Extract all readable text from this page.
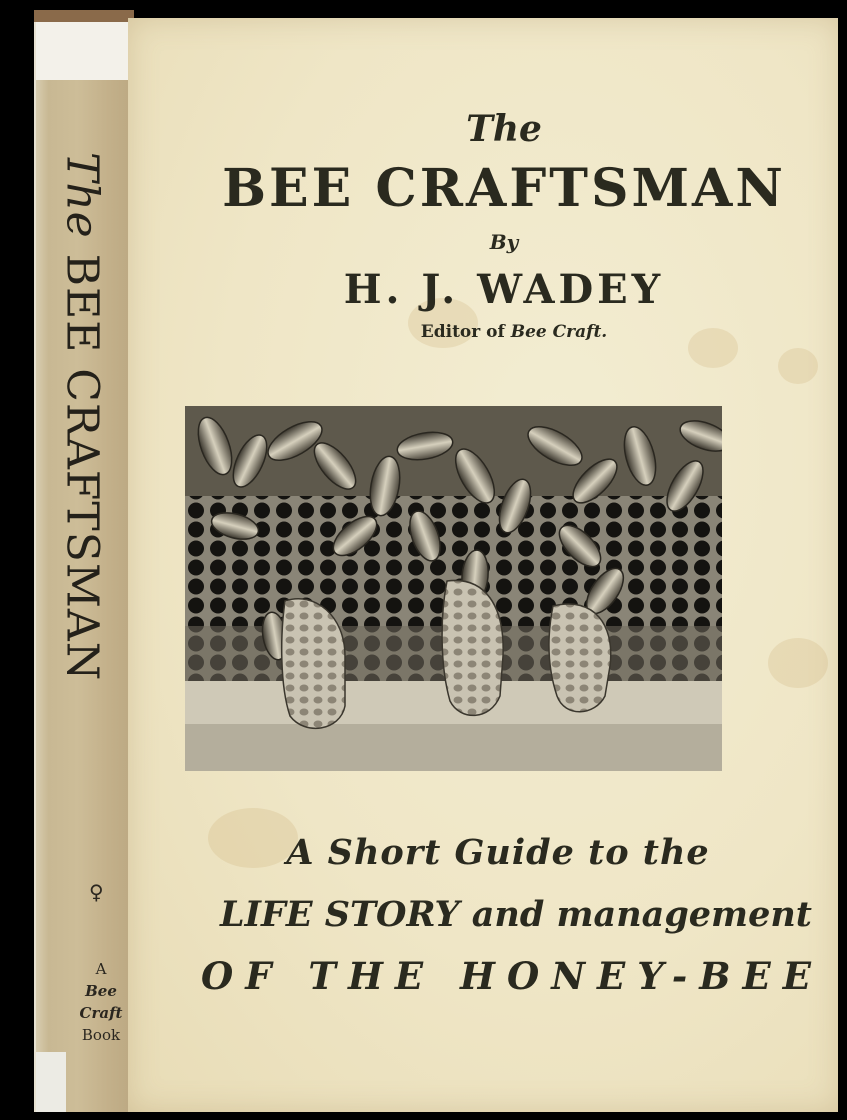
The BEE CRAFTSMAN
♀
A
Bee
Craft
Book
The
BEE CRAFTSMAN
By
H. J. WADEY
Editor of Bee Craft.
A Short Guide to the
LIFE STORY and management
OF THE HONEY-BEE
